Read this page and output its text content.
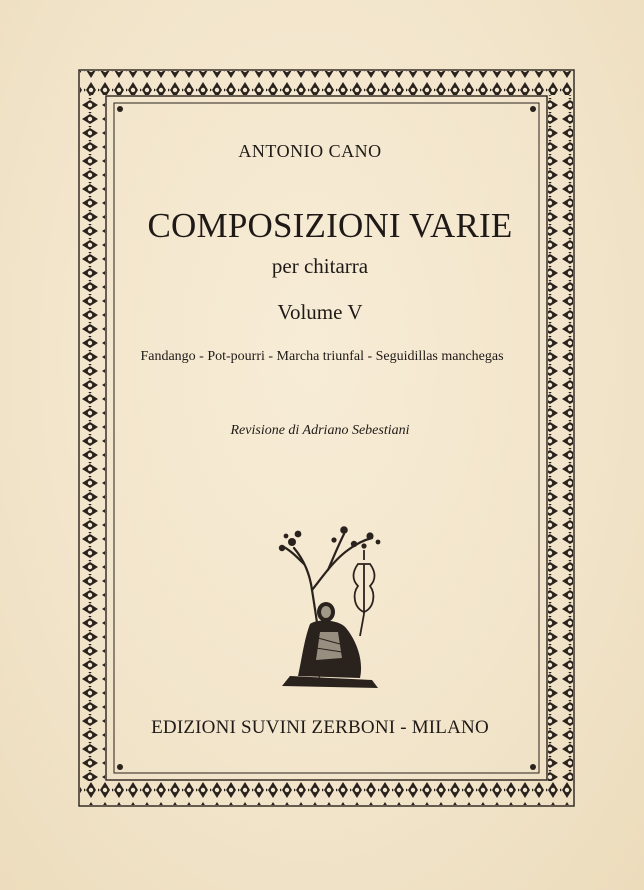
ANTONIO CANO
COMPOSIZIONI VARIE
per chitarra
Volume V
Fandango - Pot-pourri - Marcha triunfal - Seguidillas manchegas
Revisione di Adriano Sebestiani
EDIZIONI SUVINI ZERBONI - MILANO
